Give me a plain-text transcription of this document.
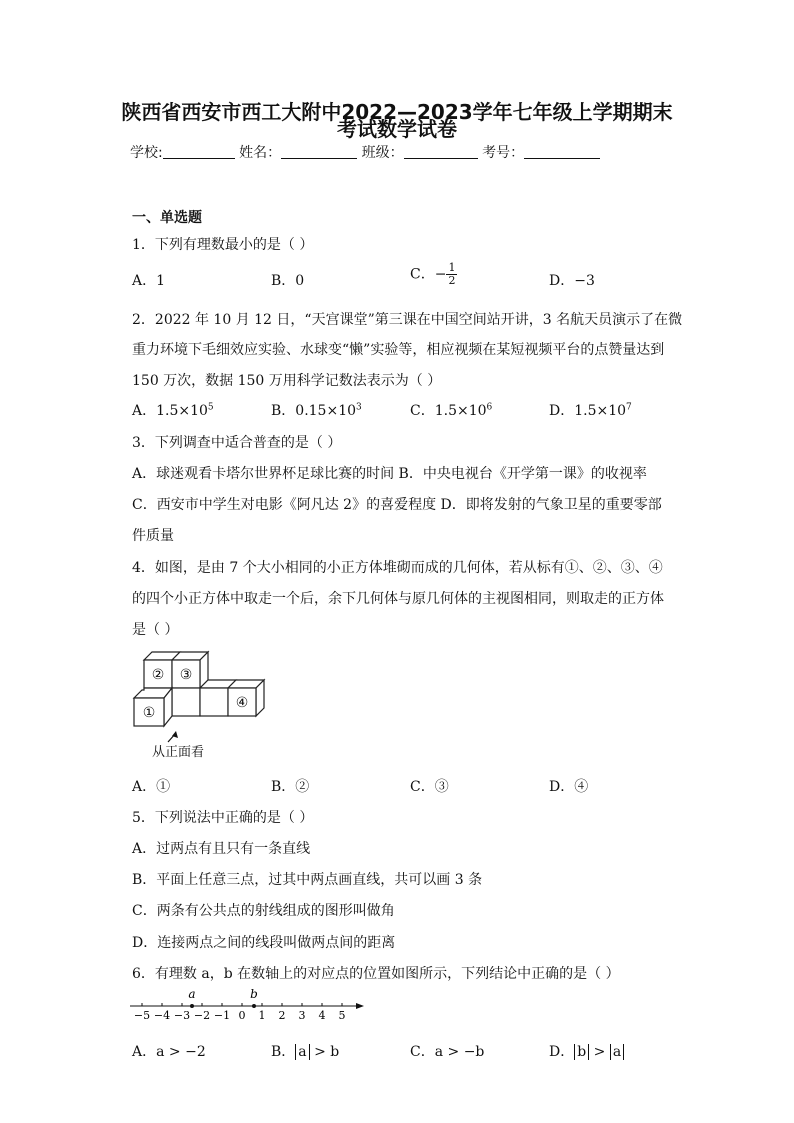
陕西省西安市西工大附中2022—2023学年七年级上学期期末
考试数学试卷
学校:	姓名：	班级：	考号：
一、单选题
1．下列有理数最小的是（ ）
A．1	B．0	C．− $\frac{1}{2}$	D．−3
2．2022 年 10 月 12 日，“天宫课堂”第三课在中国空间站开讲，3 名航天员演示了在微
重力环境下毛细效应实验、水球变“懒”实验等，相应视频在某短视频平台的点赞量达到
150 万次，数据 150 万用科学记数法表示为（ ）
A．$1.5\times 10^5$	B．$0.15\times 10^3$	C．$1.5\times 10^6$	D．$1.5\times 10^7$
3．下列调查中适合普查的是（ ）
A．球迷观看卡塔尔世界杯足球比赛的时间 B．中央电视台《开学第一课》的收视率
C．西安市中学生对电影《阿凡达 2》的喜爱程度 D．即将发射的气象卫星的重要零部
件质量
4．如图，是由 7 个大小相同的小正方体堆砌而成的几何体，若从标有①、②、③、④
的四个小正方体中取走一个后，余下几何体与原几何体的主视图相同，则取走的正方体
是（ ）
①
② ③
④
从正面看
A．①	B．②	C．③	D．④
5．下列说法中正确的是（ ）
A．过两点有且只有一条直线
B．平面上任意三点，过其中两点画直线，共可以画 3 条
C．两条有公共点的射线组成的图形叫做角
D．连接两点之间的线段叫做两点间的距离
6．有理数 a，b 在数轴上的对应点的位置如图所示，下列结论中正确的是（ ）
−5 −4 −3 −2 −1 0 1 2 3 4 5
a	b
A．a > −2	B． a > b	C．a > −b	D． b > a
